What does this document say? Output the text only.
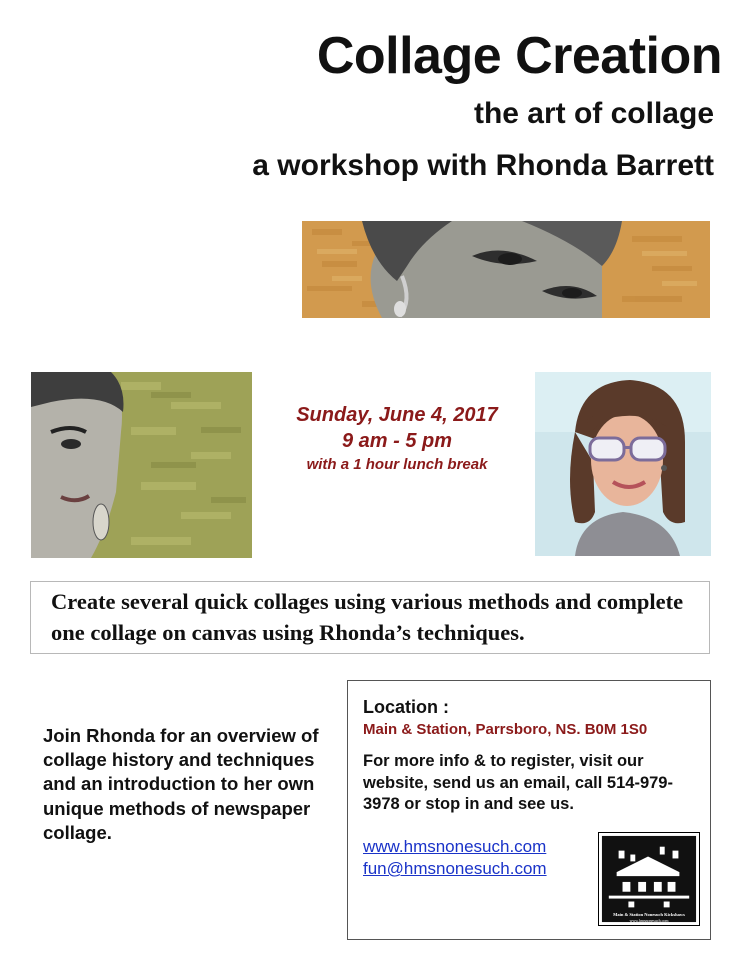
Collage Creation
the art of collage
a workshop with Rhonda Barrett
Sunday, June 4, 2017
9 am - 5 pm
with a 1 hour lunch break
Create several quick collages using various methods and complete one collage on canvas using Rhonda’s techniques.
Join Rhonda for an overview of collage history and techniques and an introduction to her own unique methods of newspaper collage.
Location :
Main & Station, Parrsboro, NS. B0M 1S0
For more info & to register, visit our website, send us an email, call 514-979-3978 or stop in and see us.
www.hmsnonesuch.com
fun@hmsnonesuch.com
Main & Station Nonesuch Kickshaws
www.hmsnonesuch.com
